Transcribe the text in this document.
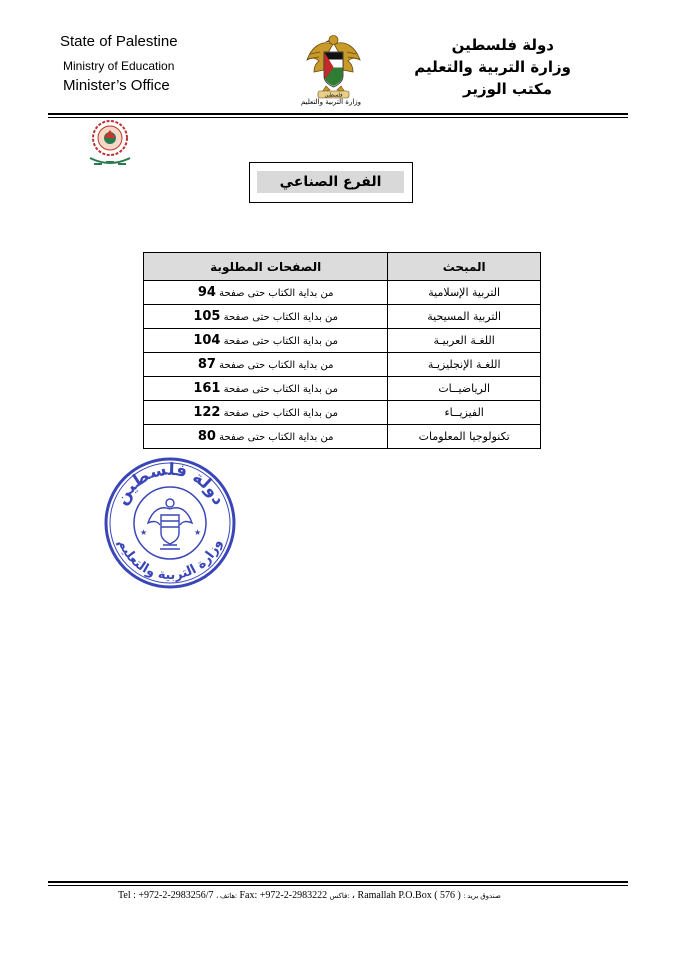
State of Palestine
Ministry of Education
Minister’s Office
فلسطين
وزارة التربية والتعليم
دولة فلسطين
وزارة التربية والتعليم
مكتب الوزير
الفرع الصناعي
المبحث	الصفحات المطلوبة
التربية الإسلامية	من بداية الكتاب حتى صفحة 94
التربية المسيحية	من بداية الكتاب حتى صفحة 105
اللغـة العربيـة	من بداية الكتاب حتى صفحة 104
اللغـة الإنجليزيـة	من بداية الكتاب حتى صفحة 87
الرياضيــات	من بداية الكتاب حتى صفحة 161
الفيزيــاء	من بداية الكتاب حتى صفحة 122
تكنولوجيا المعلومات	من بداية الكتاب حتى صفحة 80
دولة فلسطين
وزارة التربية والتعليم
★	★
Tel : +972-2-2983256/7 ، هاتف: Fax: +972-2-2983222 فاكس: ، Ramallah P.O.Box ( 576 ) : صندوق بريد
